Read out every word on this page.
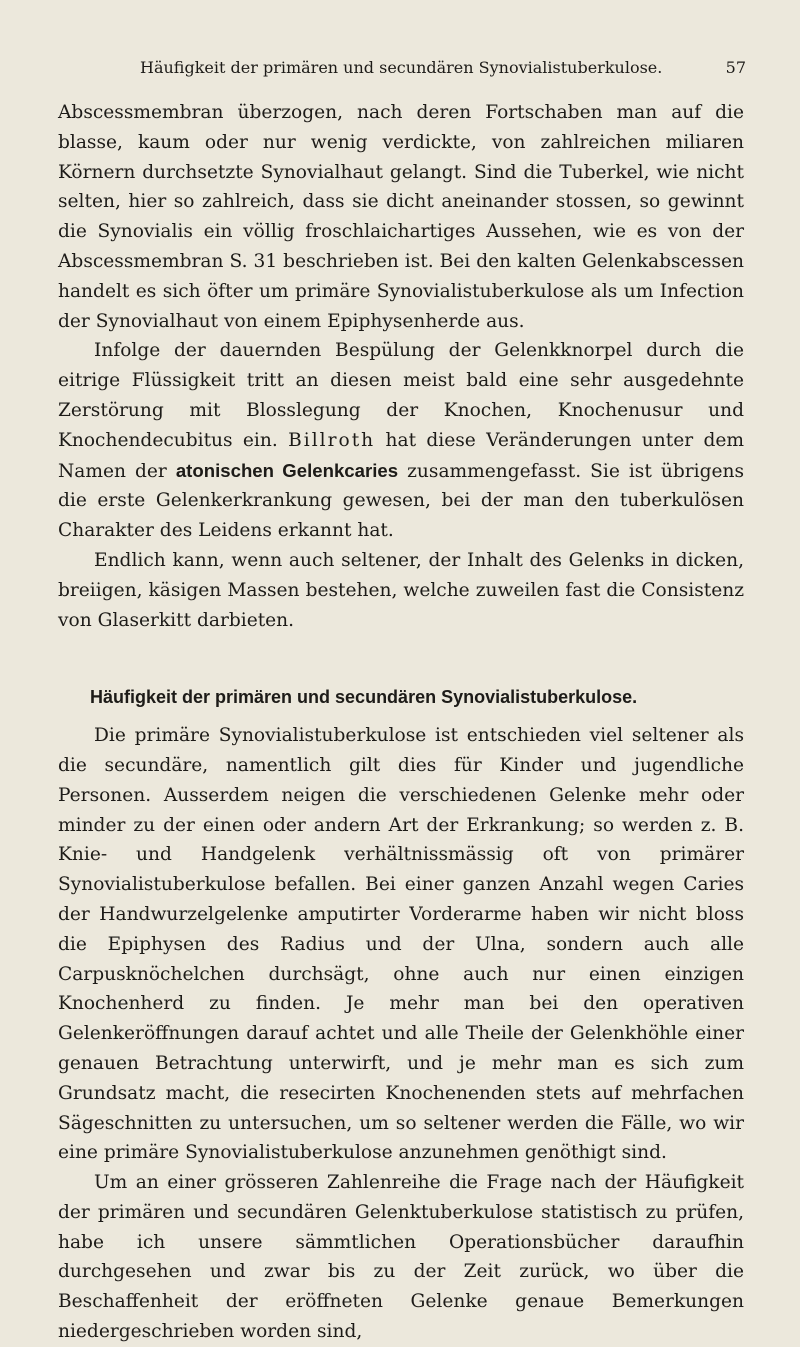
Häufigkeit der primären und secundären Synovialistuberkulose.	57

Abscessmembran überzogen, nach deren Fortschaben man auf die blasse, kaum oder nur wenig verdickte, von zahlreichen miliaren Körnern durchsetzte Synovialhaut gelangt. Sind die Tuberkel, wie nicht selten, hier so zahlreich, dass sie dicht aneinander stossen, so gewinnt die Synovialis ein völlig froschlaichartiges Aussehen, wie es von der Abscessmembran S. 31 beschrieben ist. Bei den kalten Gelenkabscessen handelt es sich öfter um primäre Synovialistuberkulose als um Infection der Synovialhaut von einem Epiphysenherde aus.

Infolge der dauernden Bespülung der Gelenkknorpel durch die eitrige Flüssigkeit tritt an diesen meist bald eine sehr ausgedehnte Zerstörung mit Blosslegung der Knochen, Knochenusur und Knochendecubitus ein. Billroth hat diese Veränderungen unter dem Namen der atonischen Gelenkcaries zusammengefasst. Sie ist übrigens die erste Gelenkerkrankung gewesen, bei der man den tuberkulösen Charakter des Leidens erkannt hat.

Endlich kann, wenn auch seltener, der Inhalt des Gelenks in dicken, breiigen, käsigen Massen bestehen, welche zuweilen fast die Consistenz von Glaserkitt darbieten.

Häufigkeit der primären und secundären Synovialistuberkulose.

Die primäre Synovialistuberkulose ist entschieden viel seltener als die secundäre, namentlich gilt dies für Kinder und jugendliche Personen. Ausserdem neigen die verschiedenen Gelenke mehr oder minder zu der einen oder andern Art der Erkrankung; so werden z. B. Knie- und Handgelenk verhältnissmässig oft von primärer Synovialistuberkulose befallen. Bei einer ganzen Anzahl wegen Caries der Handwurzelgelenke amputirter Vorderarme haben wir nicht bloss die Epiphysen des Radius und der Ulna, sondern auch alle Carpusknöchelchen durchsägt, ohne auch nur einen einzigen Knochenherd zu finden. Je mehr man bei den operativen Gelenkeröffnungen darauf achtet und alle Theile der Gelenkhöhle einer genauen Betrachtung unterwirft, und je mehr man es sich zum Grundsatz macht, die resecirten Knochenenden stets auf mehrfachen Sägeschnitten zu untersuchen, um so seltener werden die Fälle, wo wir eine primäre Synovialistuberkulose anzunehmen genöthigt sind.

Um an einer grösseren Zahlenreihe die Frage nach der Häufigkeit der primären und secundären Gelenktuberkulose statistisch zu prüfen, habe ich unsere sämmtlichen Operationsbücher daraufhin durchgesehen und zwar bis zu der Zeit zurück, wo über die Beschaffenheit der eröffneten Gelenke genaue Bemerkungen niedergeschrieben worden sind,
